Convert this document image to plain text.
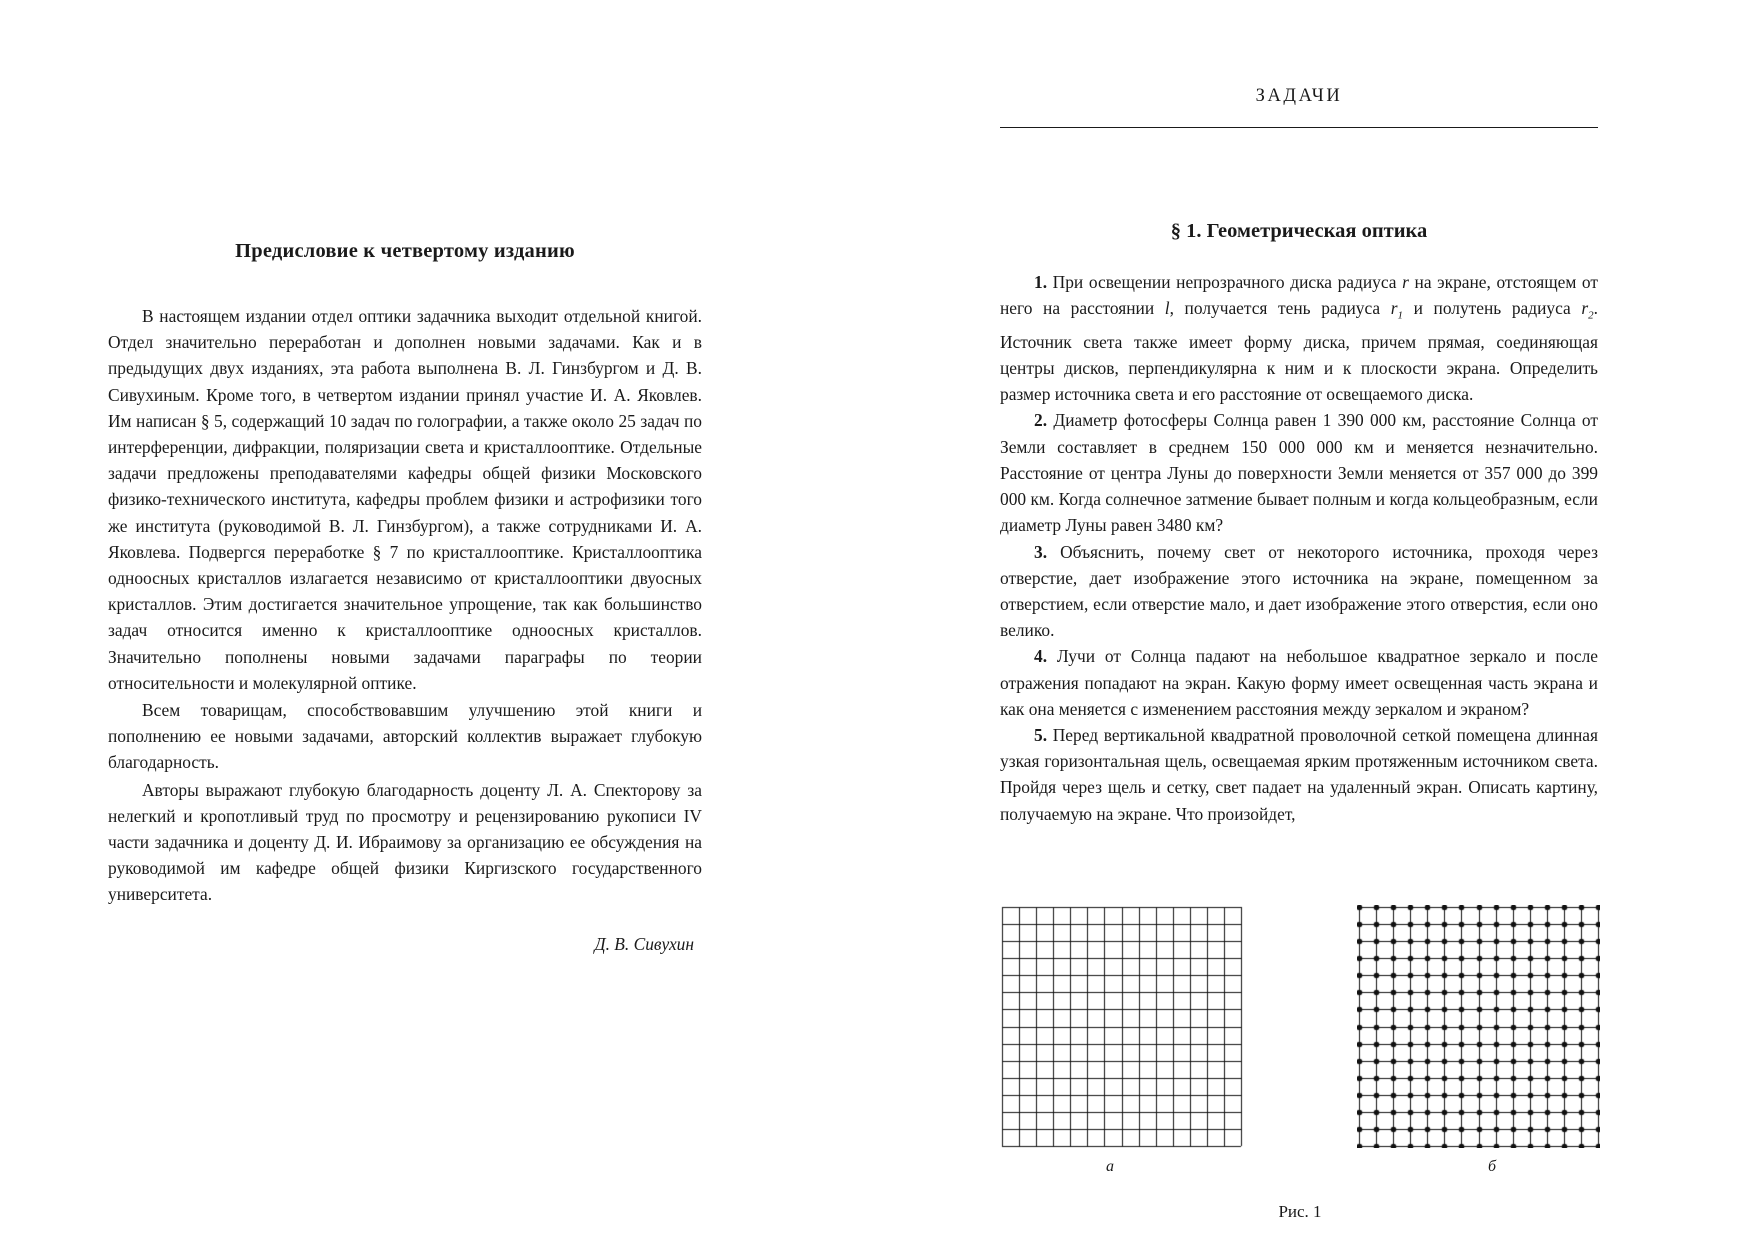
Предисловие к четвертому изданию

В настоящем издании отдел оптики задачника выходит отдельной книгой. Отдел значительно переработан и дополнен новыми задачами. Как и в предыдущих двух изданиях, эта работа выполнена В. Л. Гинзбургом и Д. В. Сивухиным. Кроме того, в четвертом издании принял участие И. А. Яковлев. Им написан § 5, содержащий 10 задач по голографии, а также около 25 задач по интерференции, дифракции, поляризации света и кристаллооптике. Отдельные задачи предложены преподавателями кафедры общей физики Московского физико-технического института, кафедры проблем физики и астрофизики того же института (руководимой В. Л. Гинзбургом), а также сотрудниками И. А. Яковлева. Подвергся переработке § 7 по кристаллооптике. Кристаллооптика одноосных кристаллов излагается независимо от кристаллооптики двуосных кристаллов. Этим достигается значительное упрощение, так как большинство задач относится именно к кристаллооптике одноосных кристаллов. Значительно пополнены новыми задачами параграфы по теории относительности и молекулярной оптике.

Всем товарищам, способствовавшим улучшению этой книги и пополнению ее новыми задачами, авторский коллектив выражает глубокую благодарность.

Авторы выражают глубокую благодарность доценту Л. А. Спекторову за нелегкий и кропотливый труд по просмотру и рецензированию рукописи IV части задачника и доценту Д. И. Ибраимову за организацию ее обсуждения на руководимой им кафедре общей физики Киргизского государственного университета.

Д. В. Сивухин
ЗАДАЧИ
§ 1. Геометрическая оптика

1. При освещении непрозрачного диска радиуса r на экране, отстоящем от него на расстоянии l, получается тень радиуса $r_1$ и полутень радиуса $r_2$. Источник света также имеет форму диска, причем прямая, соединяющая центры дисков, перпендикулярна к ним и к плоскости экрана. Определить размер источника света и его расстояние от освещаемого диска.

2. Диаметр фотосферы Солнца равен 1 390 000 км, расстояние Солнца от Земли составляет в среднем 150 000 000 км и меняется незначительно. Расстояние от центра Луны до поверхности Земли меняется от 357 000 до 399 000 км. Когда солнечное затмение бывает полным и когда кольцеобразным, если диаметр Луны равен 3480 км?

3. Объяснить, почему свет от некоторого источника, проходя через отверстие, дает изображение этого источника на экране, помещенном за отверстием, если отверстие мало, и дает изображение этого отверстия, если оно велико.

4. Лучи от Солнца падают на небольшое квадратное зеркало и после отражения попадают на экран. Какую форму имеет освещенная часть экрана и как она меняется с изменением расстояния между зеркалом и экраном?

5. Перед вертикальной квадратной проволочной сеткой помещена длинная узкая горизонтальная щель, освещаемая ярким протяженным источником света. Пройдя через щель и сетку, свет падает на удаленный экран. Описать картину, получаемую на экране. Что произойдет,

а	б
Рис. 1
